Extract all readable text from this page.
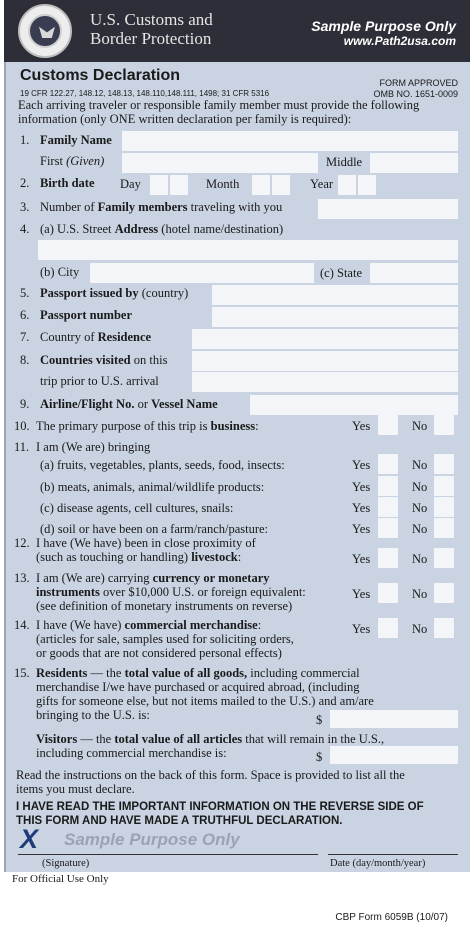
U.S. Customs and
Border Protection
Sample Purpose Only
www.Path2usa.com
Customs Declaration	FORM APPROVED
OMB NO. 1651-0009
19 CFR 122.27, 148.12, 148.13, 148.110,148.111, 1498; 31 CFR 5316
Each arriving traveler or responsible family member must provide the following
information (only ONE written declaration per family is required):
1. Family Name
First (Given)	Middle
2. Birth date Day	Month	Year
3. Number of Family members traveling with you
4. (a) U.S. Street Address (hotel name/destination)
(b) City	(c) State
5. Passport issued by (country)
6. Passport number
7. Country of Residence
8. Countries visited on this
trip prior to U.S. arrival
9. Airline/Flight No. or Vessel Name
10. The primary purpose of this trip is business:	Yes	No
11. I am (We are) bringing
(a) fruits, vegetables, plants, seeds, food, insects:	Yes	No
(b) meats, animals, animal/wildlife products:	Yes	No
(c) disease agents, cell cultures, snails:	Yes	No
(d) soil or have been on a farm/ranch/pasture:	Yes	No
12. I have (We have) been in close proximity of
(such as touching or handling) livestock:	Yes	No
13. I am (We are) carrying currency or monetary
instruments over $10,000 U.S. or foreign equivalent:
(see definition of monetary instruments on reverse)
Yes	No
14. I have (We have) commercial merchandise:
(articles for sale, samples used for soliciting orders,
or goods that are not considered personal effects)
Yes	No
15. Residents — the total value of all goods, including commercial
merchandise I/we have purchased or acquired abroad, (including
gifts for someone else, but not items mailed to the U.S.) and am/are
bringing to the U.S. is:	$
Visitors — the total value of all articles that will remain in the U.S.,
including commercial merchandise is:	$
Read the instructions on the back of this form. Space is provided to list all the
items you must declare.
I HAVE READ THE IMPORTANT INFORMATION ON THE REVERSE SIDE OF
THIS FORM AND HAVE MADE A TRUTHFUL DECLARATION.
X Sample Purpose Only
(Signature)	Date (day/month/year)
For Official Use Only
CBP Form 6059B (10/07)
